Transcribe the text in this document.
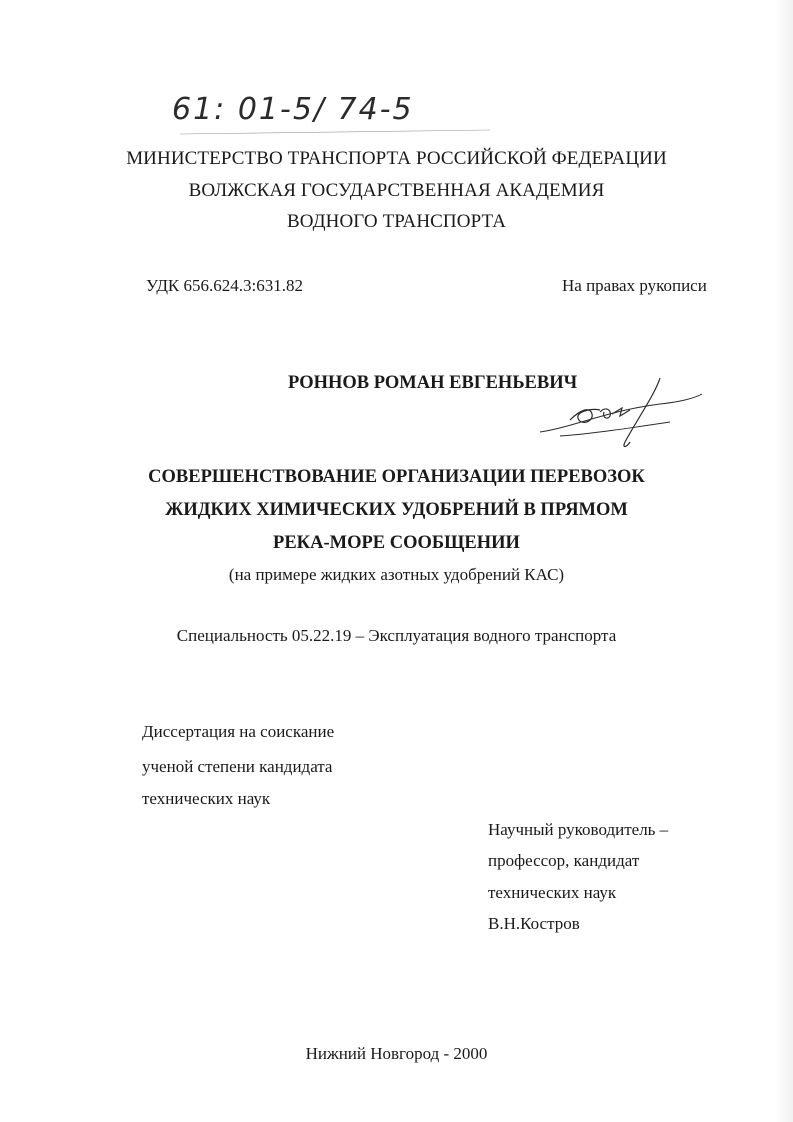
61: 01-5/ 74-5
МИНИСТЕРСТВО ТРАНСПОРТА РОССИЙСКОЙ ФЕДЕРАЦИИ
ВОЛЖСКАЯ ГОСУДАРСТВЕННАЯ АКАДЕМИЯ
ВОДНОГО ТРАНСПОРТА
УДК 656.624.3:631.82	На правах рукописи
РОННОВ РОМАН ЕВГЕНЬЕВИЧ
СОВЕРШЕНСТВОВАНИЕ ОРГАНИЗАЦИИ ПЕРЕВОЗОК
ЖИДКИХ ХИМИЧЕСКИХ УДОБРЕНИЙ В ПРЯМОМ
РЕКА-МОРЕ СООБЩЕНИИ
(на примере жидких азотных удобрений КАС)
Специальность 05.22.19 – Эксплуатация водного транспорта
Диссертация на соискание
ученой степени кандидата
технических наук
Научный руководитель –
профессор, кандидат
технических наук
В.Н.Костров
Нижний Новгород - 2000
